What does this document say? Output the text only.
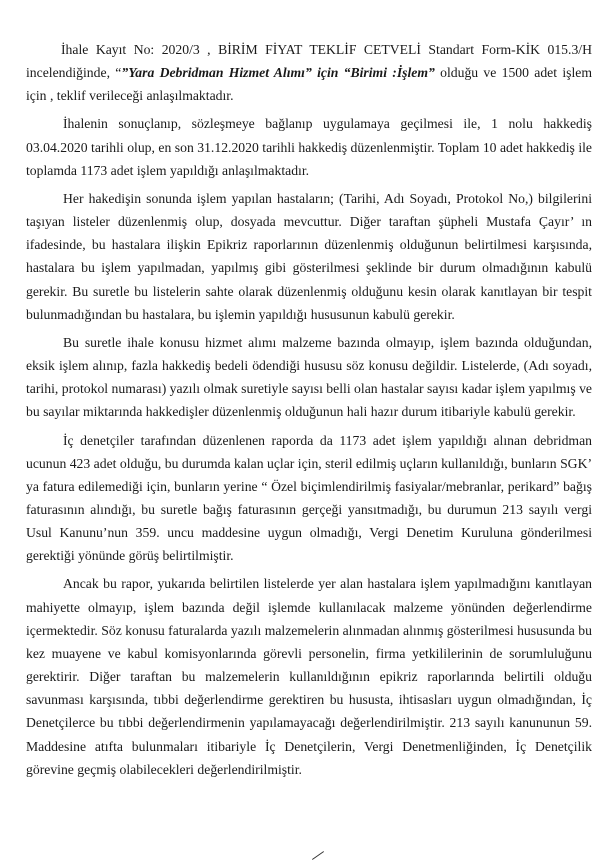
İhale Kayıt No: 2020/3 , BİRİM FİYAT TEKLİF CETVELİ Standart Form-KİK 015.3/H incelendiğinde, “”Yara Debridman Hizmet Alımı” için “Birimi :İşlem” olduğu ve 1500 adet işlem için , teklif verileceği anlaşılmaktadır.

İhalenin sonuçlanıp, sözleşmeye bağlanıp uygulamaya geçilmesi ile, 1 nolu hakkediş 03.04.2020 tarihli olup, en son 31.12.2020 tarihli hakkediş düzenlenmiştir. Toplam 10 adet hakkediş ile toplamda 1173 adet işlem yapıldığı anlaşılmaktadır.

Her hakedişin sonunda işlem yapılan hastaların; (Tarihi, Adı Soyadı, Protokol No,) bilgilerini taşıyan listeler düzenlenmiş olup, dosyada mevcuttur. Diğer taraftan şüpheli Mustafa Çayır’ ın ifadesinde, bu hastalara ilişkin Epikriz raporlarının düzenlenmiş olduğunun belirtilmesi karşısında, hastalara bu işlem yapılmadan, yapılmış gibi gösterilmesi şeklinde bir durum olmadığının kabulü gerekir. Bu suretle bu listelerin sahte olarak düzenlenmiş olduğunu kesin olarak kanıtlayan bir tespit bulunmadığından bu hastalara, bu işlemin yapıldığı hususunun kabulü gerekir.

Bu suretle ihale konusu hizmet alımı malzeme bazında olmayıp, işlem bazında olduğundan, eksik işlem alınıp, fazla hakkediş bedeli ödendiği hususu söz konusu değildir. Listelerde, (Adı soyadı, tarihi, protokol numarası) yazılı olmak suretiyle sayısı belli olan hastalar sayısı kadar işlem yapılmış ve bu sayılar miktarında hakkedişler düzenlenmiş olduğunun hali hazır durum itibariyle kabulü gerekir.

İç denetçiler tarafından düzenlenen raporda da 1173 adet işlem yapıldığı alınan debridman ucunun 423 adet olduğu, bu durumda kalan uçlar için, steril edilmiş uçların kullanıldığı, bunların SGK’ ya fatura edilemediği için, bunların yerine “ Özel biçimlendirilmiş fasiyalar/mebranlar, perikard” bağış faturasının alındığı, bu suretle bağış faturasının gerçeği yansıtmadığı, bu durumun 213 sayılı vergi Usul Kanunu’nun 359. uncu maddesine uygun olmadığı, Vergi Denetim Kuruluna gönderilmesi gerektiği yönünde görüş belirtilmiştir.

Ancak bu rapor, yukarıda belirtilen listelerde yer alan hastalara işlem yapılmadığını kanıtlayan mahiyette olmayıp, işlem bazında değil işlemde kullanılacak malzeme yönünden değerlendirme içermektedir. Söz konusu faturalarda yazılı malzemelerin alınmadan alınmış gösterilmesi hususunda bu kez muayene ve kabul komisyonlarında görevli personelin, firma yetkililerinin de sorumluluğunu gerektirir. Diğer taraftan bu malzemelerin kullanıldığının epikriz raporlarında belirtili olduğu savunması karşısında, tıbbi değerlendirme gerektiren bu hususta, ihtisasları uygun olmadığından, İç Denetçilerce bu tıbbi değerlendirmenin yapılamayacağı değerlendirilmiştir. 213 sayılı kanununun 59. Maddesine atıfta bulunmaları itibariyle İç Denetçilerin, Vergi Denetmenliğinden, İç Denetçilik görevine geçmiş olabilecekleri değerlendirilmiştir.
